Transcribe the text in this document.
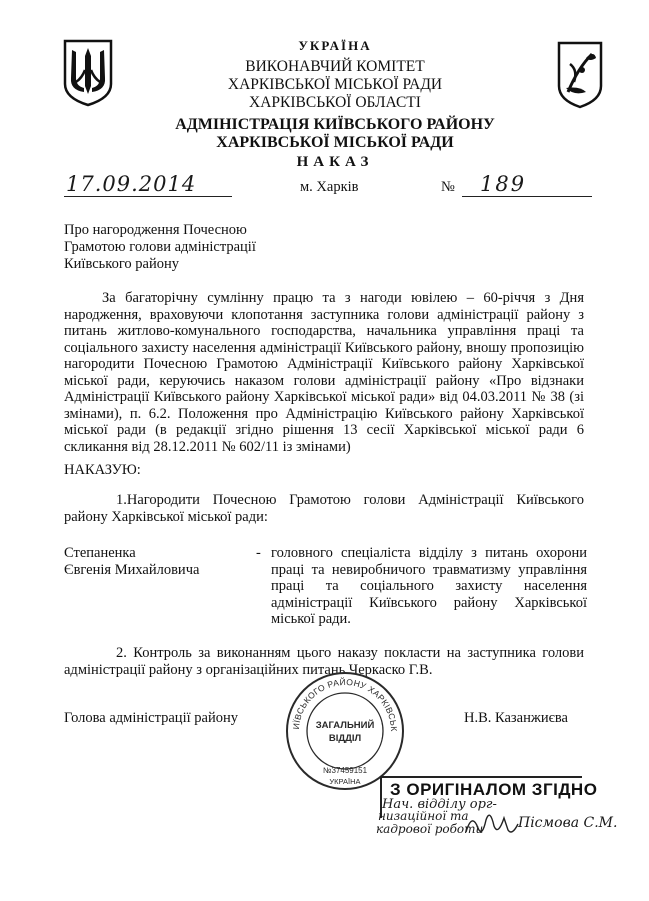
УКРАЇНА
ВИКОНАВЧИЙ КОМІТЕТ
ХАРКІВСЬКОЇ МІСЬКОЇ РАДИ
ХАРКІВСЬКОЇ ОБЛАСТІ
АДМІНІСТРАЦІЯ КИЇВСЬКОГО РАЙОНУ
ХАРКІВСЬКОЇ МІСЬКОЇ РАДИ
НАКАЗ
17.09.2014	м. Харків	№ 189
Про нагородження Почесною
Грамотою голови адміністрації
Київського району
За багаторічну сумлінну працю та з нагоди ювілею – 60-річчя з Дня народження, враховуючи клопотання заступника голови адміністрації району з питань житлово-комунального господарства, начальника управління праці та соціального захисту населення адміністрації Київського району, вношу пропозицію нагородити Почесною Грамотою Адміністрації Київського району Харківської міської ради, керуючись наказом голови адміністрації району «Про відзнаки Адміністрації Київського району Харківської міської ради» від 04.03.2011 № 38 (зі змінами), п. 6.2. Положення про Адміністрацію Київського району Харківської міської ради (в редакції згідно рішення 13 сесії Харківської міської ради 6 скликання від 28.12.2011 № 602/11 із змінами)
НАКАЗУЮ:
1.Нагородити Почесною Грамотою голови Адміністрації Київського району Харківської міської ради:
Степаненка
Євгенія Михайловича
- головного спеціаліста відділу з питань охорони праці та невиробничого травматизму управління праці та соціального захисту населення адміністрації Київського району Харківської міської ради.
2. Контроль за виконанням цього наказу покласти на заступника голови адміністрації району з організаційних питань Черкаско Г.В.
Голова адміністрації району	Н.В. Казанжиєва
ИЇВСЬКОГО РАЙОНУ ХАРКІВСЬК
ЗАГАЛЬНИЙ
ВІДДІЛ
№37459151
УКРАЇНА З ОРИГІНАЛОМ ЗГІДНО
Нач. відділу орг-
низаційної та
кадрової роботи Пісмова С.М.
